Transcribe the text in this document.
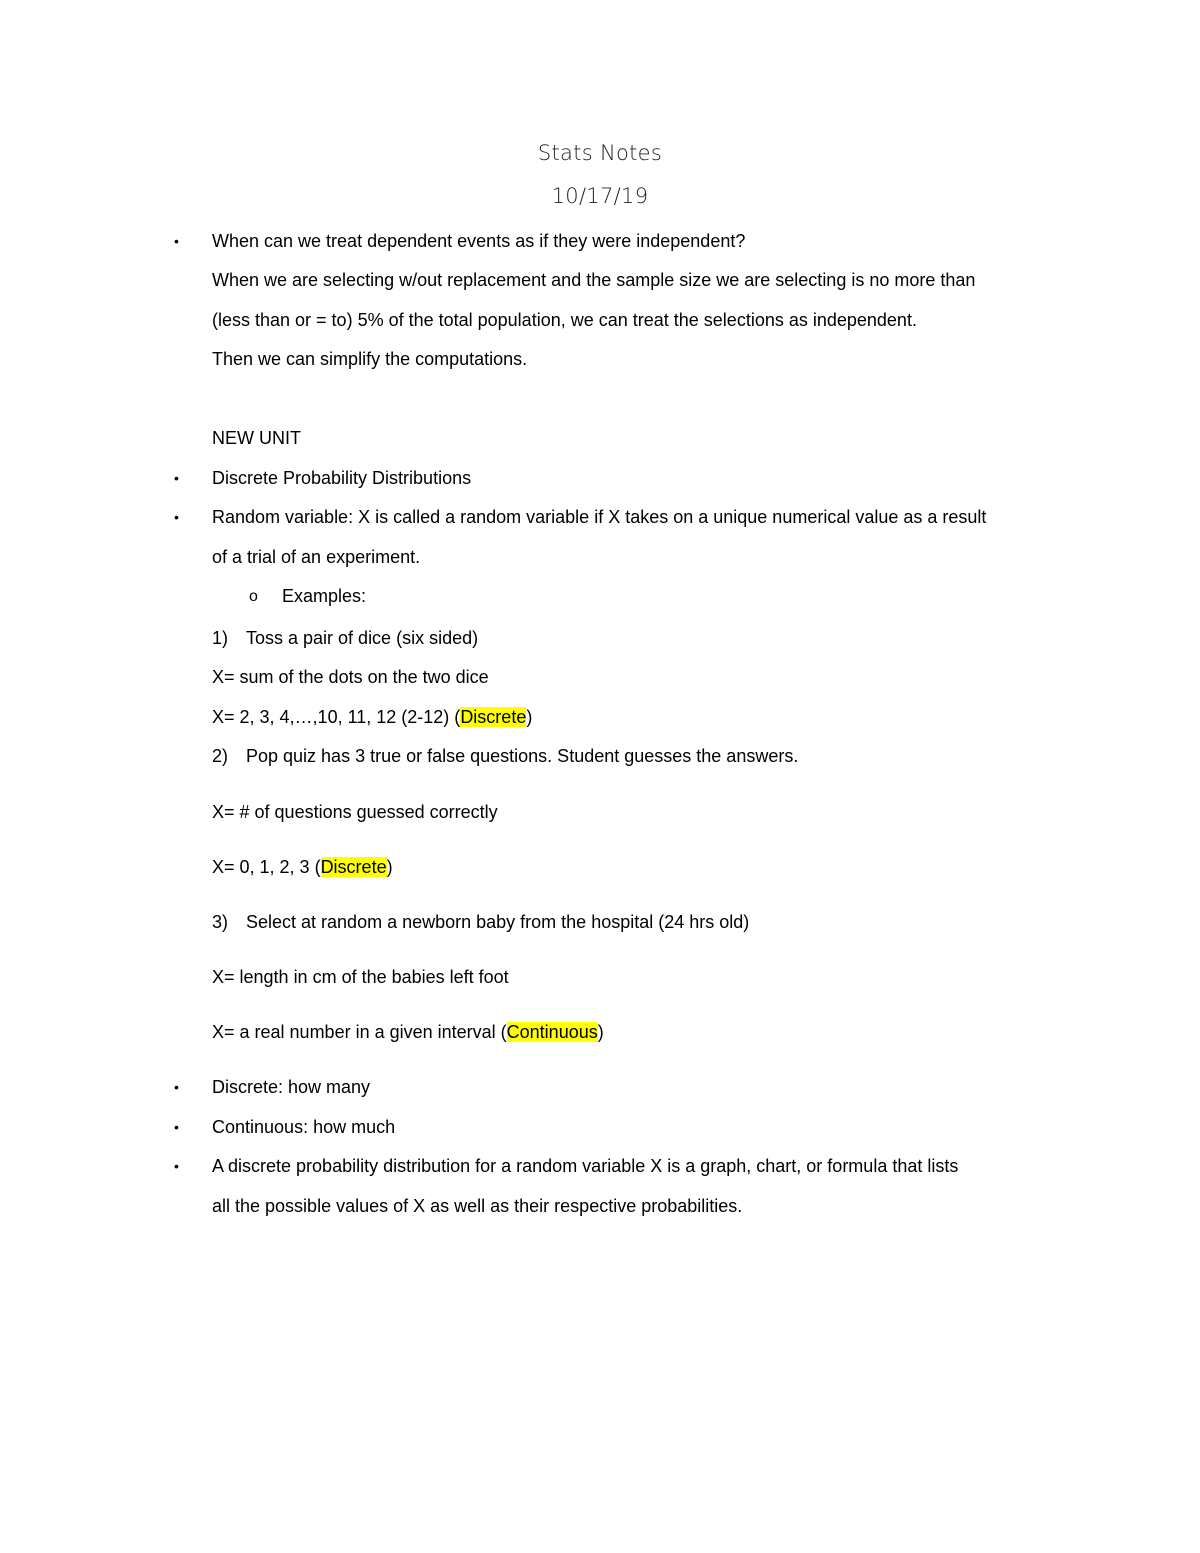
Stats Notes
10/17/19
• When can we treat dependent events as if they were independent?
When we are selecting w/out replacement and the sample size we are selecting is no more than
(less than or = to) 5% of the total population, we can treat the selections as independent.
Then we can simplify the computations.
NEW UNIT
• Discrete Probability Distributions
• Random variable: X is called a random variable if X takes on a unique numerical value as a result
of a trial of an experiment.
o Examples:
1) Toss a pair of dice (six sided)
X= sum of the dots on the two dice
X= 2, 3, 4,…,10, 11, 12 (2-12) (Discrete)
2) Pop quiz has 3 true or false questions. Student guesses the answers.
X= # of questions guessed correctly
X= 0, 1, 2, 3 (Discrete)
3) Select at random a newborn baby from the hospital (24 hrs old)
X= length in cm of the babies left foot
X= a real number in a given interval (Continuous)
• Discrete: how many
• Continuous: how much
• A discrete probability distribution for a random variable X is a graph, chart, or formula that lists
all the possible values of X as well as their respective probabilities.
